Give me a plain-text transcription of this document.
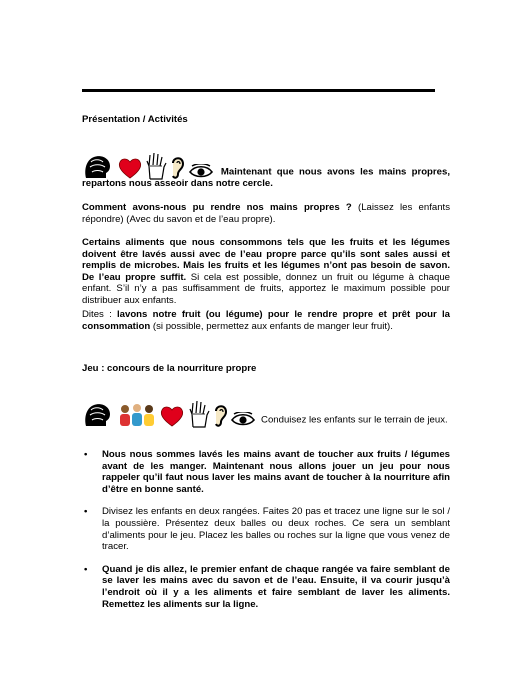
Présentation / Activités
Maintenant que nous avons les mains propres, repartons nous asseoir dans notre cercle.
Comment avons-nous pu rendre nos mains propres ? (Laissez les enfants répondre) (Avec du savon et de l’eau propre).
Certains aliments que nous consommons tels que les fruits et les légumes doivent être lavés aussi avec de l’eau propre parce qu’ils sont sales aussi et remplis de microbes. Mais les fruits et les légumes n’ont pas besoin de savon. De l’eau propre suffit. Si cela est possible, donnez un fruit ou légume à chaque enfant. S’il n’y a pas suffisamment de fruits, apportez le maximum possible pour distribuer aux enfants.
Dites : lavons notre fruit (ou légume) pour le rendre propre et prêt pour la consommation (si possible, permettez aux enfants de manger leur fruit).
Jeu : concours de la nourriture propre
Conduisez les enfants sur le terrain de jeux.
• Nous nous sommes lavés les mains avant de toucher aux fruits / légumes avant de les manger. Maintenant nous allons jouer un jeu pour nous rappeler qu’il faut nous laver les mains avant de toucher à la nourriture afin d’être en bonne santé.
• Divisez les enfants en deux rangées. Faites 20 pas et tracez une ligne sur le sol / la poussière. Présentez deux balles ou deux roches. Ce sera un semblant d’aliments pour le jeu. Placez les balles ou roches sur la ligne que vous venez de tracer.
• Quand je dis allez, le premier enfant de chaque rangée va faire semblant de se laver les mains avec du savon et de l’eau. Ensuite, il va courir jusqu’à l’endroit où il y a les aliments et faire semblant de laver les aliments. Remettez les aliments sur la ligne.
